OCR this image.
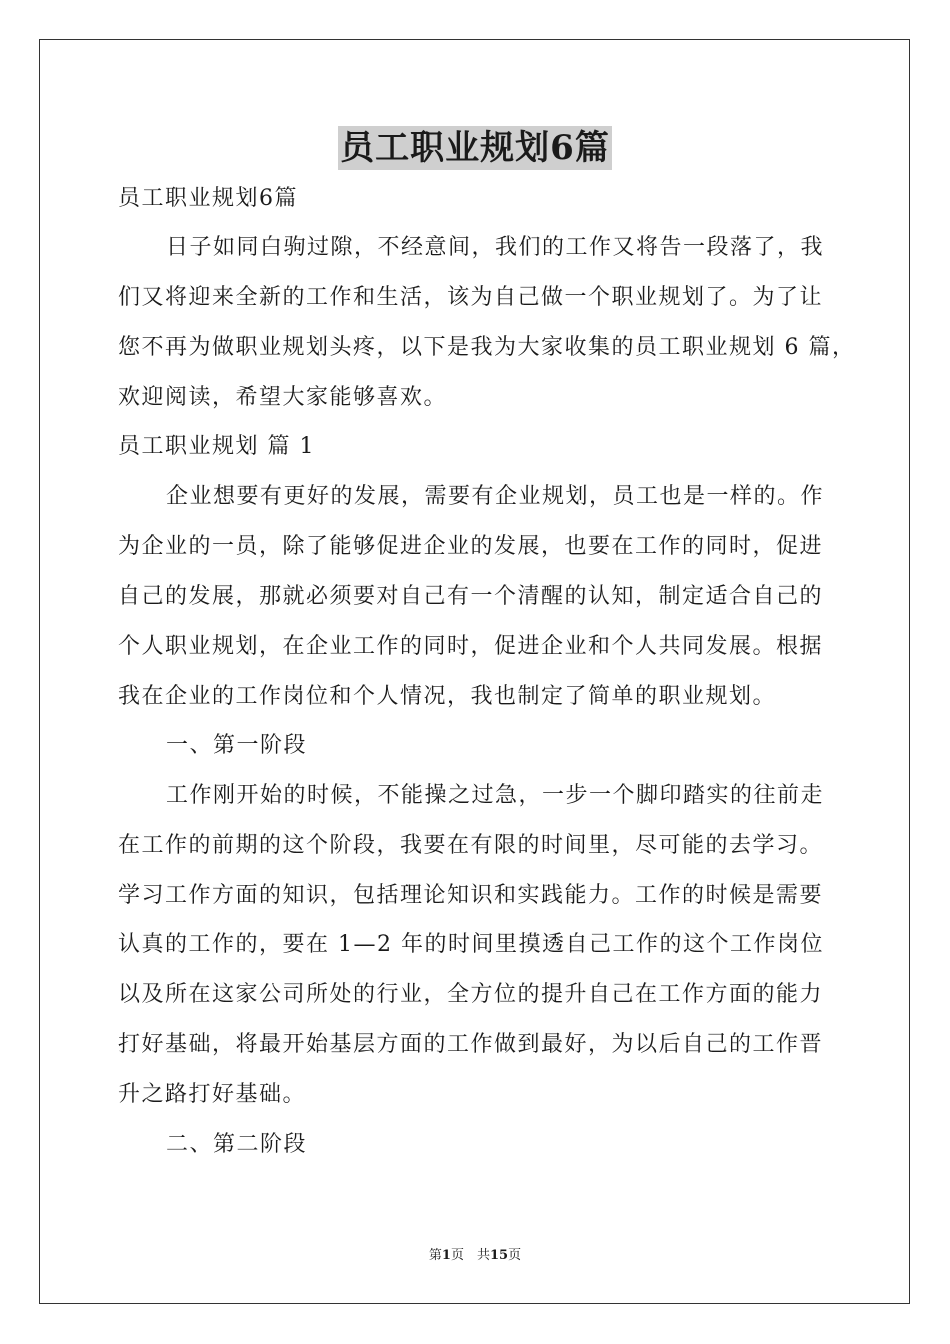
员工职业规划6篇
员工职业规划6篇
日子如同白驹过隙，不经意间，我们的工作又将告一段落了，我
们又将迎来全新的工作和生活，该为自己做一个职业规划了。为了让
您不再为做职业规划头疼，以下是我为大家收集的员工职业规划 6 篇，
欢迎阅读，希望大家能够喜欢。
员工职业规划 篇 1
企业想要有更好的发展，需要有企业规划，员工也是一样的。作
为企业的一员，除了能够促进企业的发展，也要在工作的同时，促进
自己的发展，那就必须要对自己有一个清醒的认知，制定适合自己的
个人职业规划，在企业工作的同时，促进企业和个人共同发展。根据
我在企业的工作岗位和个人情况，我也制定了简单的职业规划。
一、第一阶段
工作刚开始的时候，不能操之过急，一步一个脚印踏实的往前走
在工作的前期的这个阶段，我要在有限的时间里，尽可能的去学习。
学习工作方面的知识，包括理论知识和实践能力。工作的时候是需要
认真的工作的，要在 1—2 年的时间里摸透自己工作的这个工作岗位
以及所在这家公司所处的行业，全方位的提升自己在工作方面的能力
打好基础，将最开始基层方面的工作做到最好，为以后自己的工作晋
升之路打好基础。
二、第二阶段
第1页　共15页
